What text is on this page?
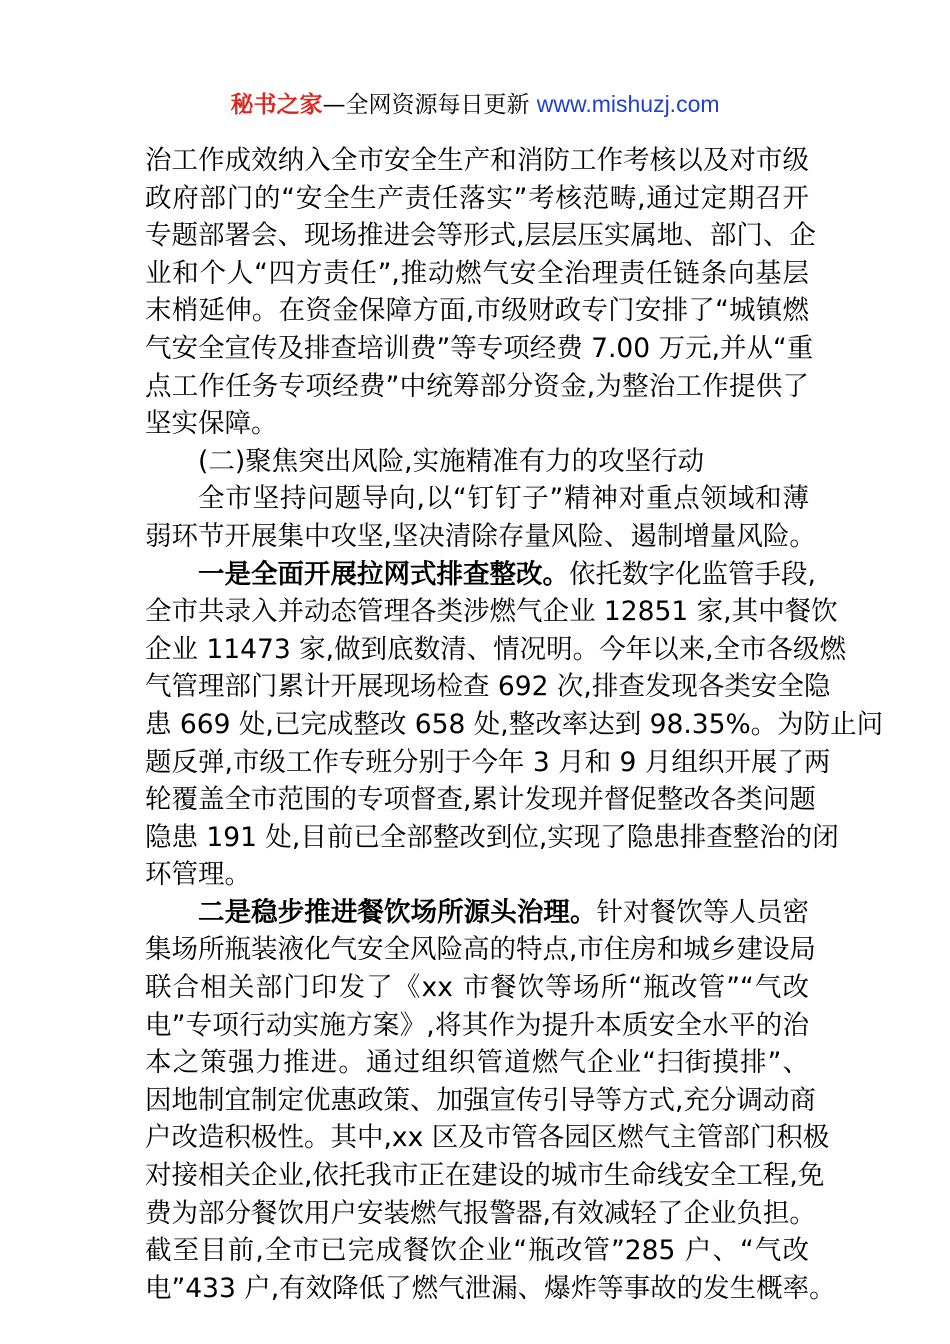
秘书之家—全网资源每日更新 www.mishuzj.com
治工作成效纳入全市安全生产和消防工作考核以及对市级
政府部门的“安全生产责任落实”考核范畴,通过定期召开
专题部署会、现场推进会等形式,层层压实属地、部门、企
业和个人“四方责任”,推动燃气安全治理责任链条向基层
末梢延伸。在资金保障方面,市级财政专门安排了“城镇燃
气安全宣传及排查培训费”等专项经费 7.00 万元,并从“重
点工作任务专项经费”中统筹部分资金,为整治工作提供了
坚实保障。
(二)聚焦突出风险,实施精准有力的攻坚行动
全市坚持问题导向,以“钉钉子”精神对重点领域和薄
弱环节开展集中攻坚,坚决清除存量风险、遏制增量风险。
一是全面开展拉网式排查整改。依托数字化监管手段,
全市共录入并动态管理各类涉燃气企业 12851 家,其中餐饮
企业 11473 家,做到底数清、情况明。今年以来,全市各级燃
气管理部门累计开展现场检查 692 次,排查发现各类安全隐
患 669 处,已完成整改 658 处,整改率达到 98.35%。为防止问
题反弹,市级工作专班分别于今年 3 月和 9 月组织开展了两
轮覆盖全市范围的专项督查,累计发现并督促整改各类问题
隐患 191 处,目前已全部整改到位,实现了隐患排查整治的闭
环管理。
二是稳步推进餐饮场所源头治理。针对餐饮等人员密
集场所瓶装液化气安全风险高的特点,市住房和城乡建设局
联合相关部门印发了《xx 市餐饮等场所“瓶改管”“气改
电”专项行动实施方案》,将其作为提升本质安全水平的治
本之策强力推进。通过组织管道燃气企业“扫街摸排”、
因地制宜制定优惠政策、加强宣传引导等方式,充分调动商
户改造积极性。其中,xx 区及市管各园区燃气主管部门积极
对接相关企业,依托我市正在建设的城市生命线安全工程,免
费为部分餐饮用户安装燃气报警器,有效减轻了企业负担。
截至目前,全市已完成餐饮企业“瓶改管”285 户、“气改
电”433 户,有效降低了燃气泄漏、爆炸等事故的发生概率。
